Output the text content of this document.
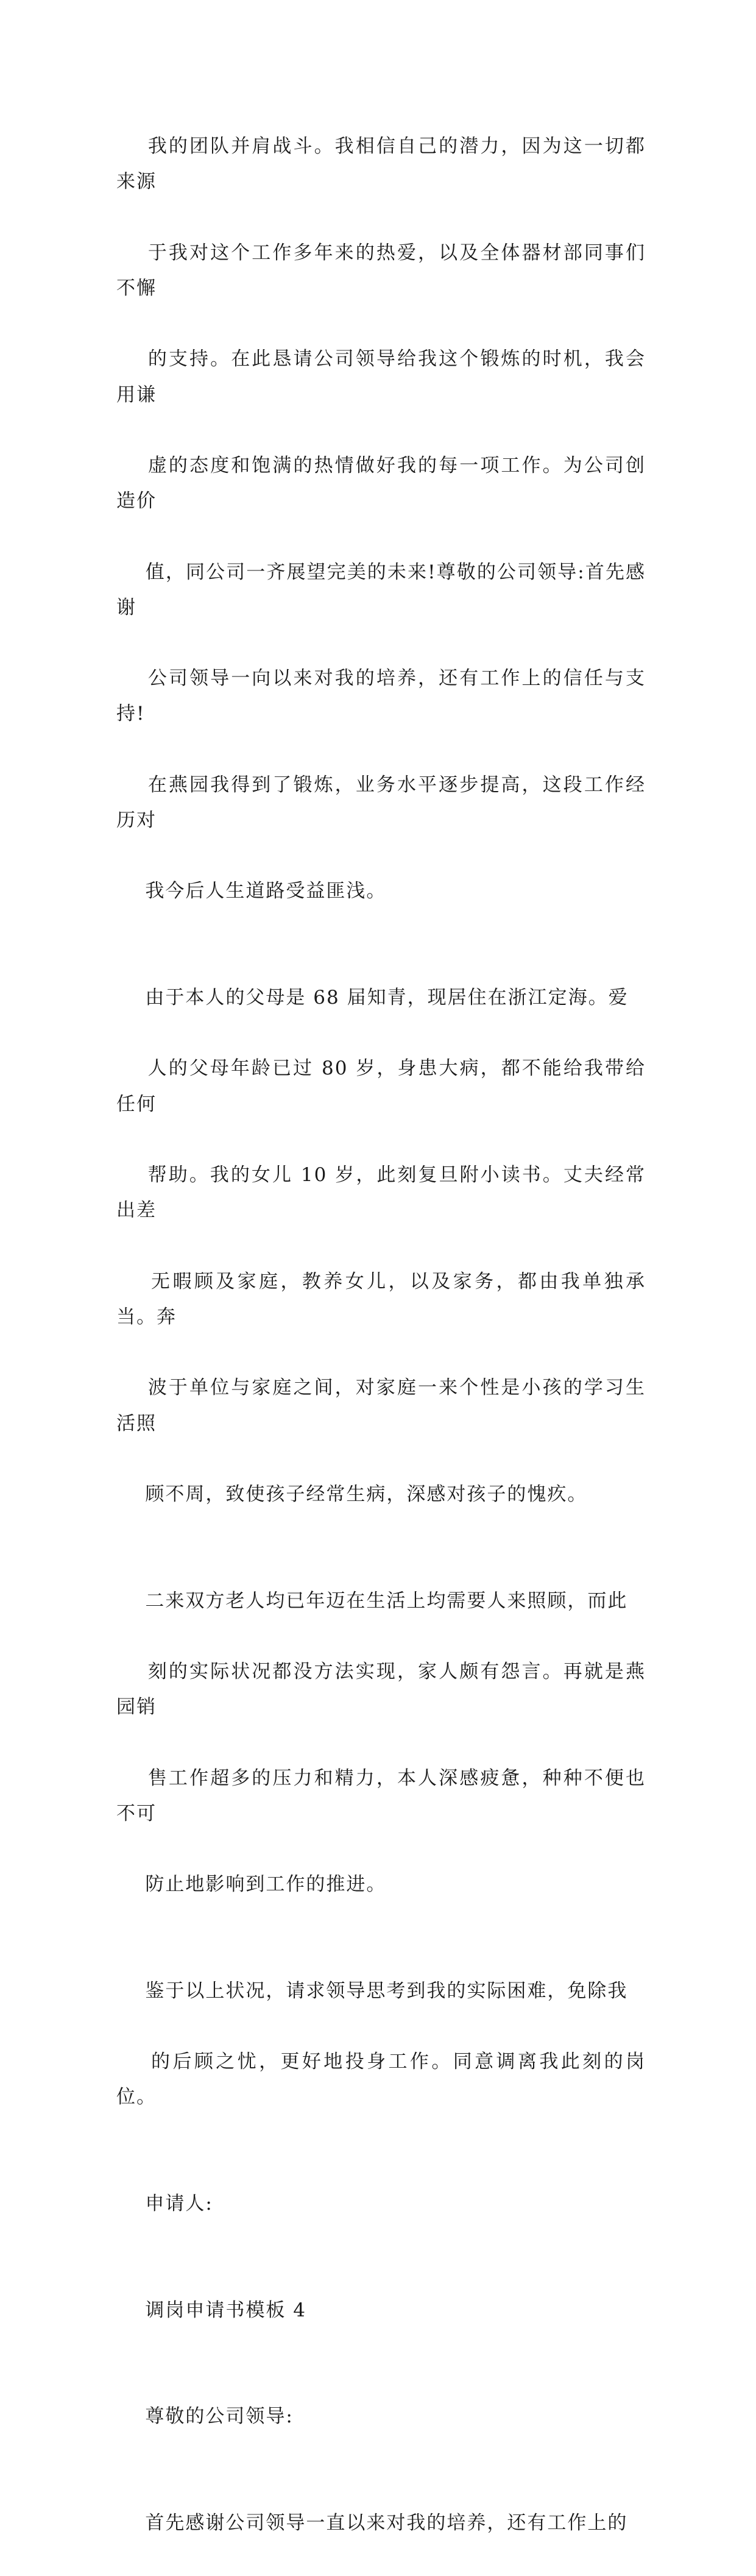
我的团队并肩战斗。我相信自己的潜力，因为这一切都来源

于我对这个工作多年来的热爱，以及全体器材部同事们不懈

的支持。在此恳请公司领导给我这个锻炼的时机，我会用谦

虚的态度和饱满的热情做好我的每一项工作。为公司创造价

值，同公司一齐展望完美的未来!尊敬的公司领导:首先感谢

公司领导一向以来对我的培养，还有工作上的信任与支持!

在燕园我得到了锻炼，业务水平逐步提高，这段工作经历对

我今后人生道路受益匪浅。

由于本人的父母是 68 届知青，现居住在浙江定海。爱

人的父母年龄已过 80 岁，身患大病，都不能给我带给任何

帮助。我的女儿 10 岁，此刻复旦附小读书。丈夫经常出差

无暇顾及家庭，教养女儿，以及家务，都由我单独承当。奔

波于单位与家庭之间，对家庭一来个性是小孩的学习生活照

顾不周，致使孩子经常生病，深感对孩子的愧疚。

二来双方老人均已年迈在生活上均需要人来照顾，而此

刻的实际状况都没方法实现，家人颇有怨言。再就是燕园销

售工作超多的压力和精力，本人深感疲惫，种种不便也不可

防止地影响到工作的推进。

鉴于以上状况，请求领导思考到我的实际困难，免除我

的后顾之忧，更好地投身工作。同意调离我此刻的岗位。

申请人:

调岗申请书模板 4

尊敬的公司领导:

首先感谢公司领导一直以来对我的培养，还有工作上的
